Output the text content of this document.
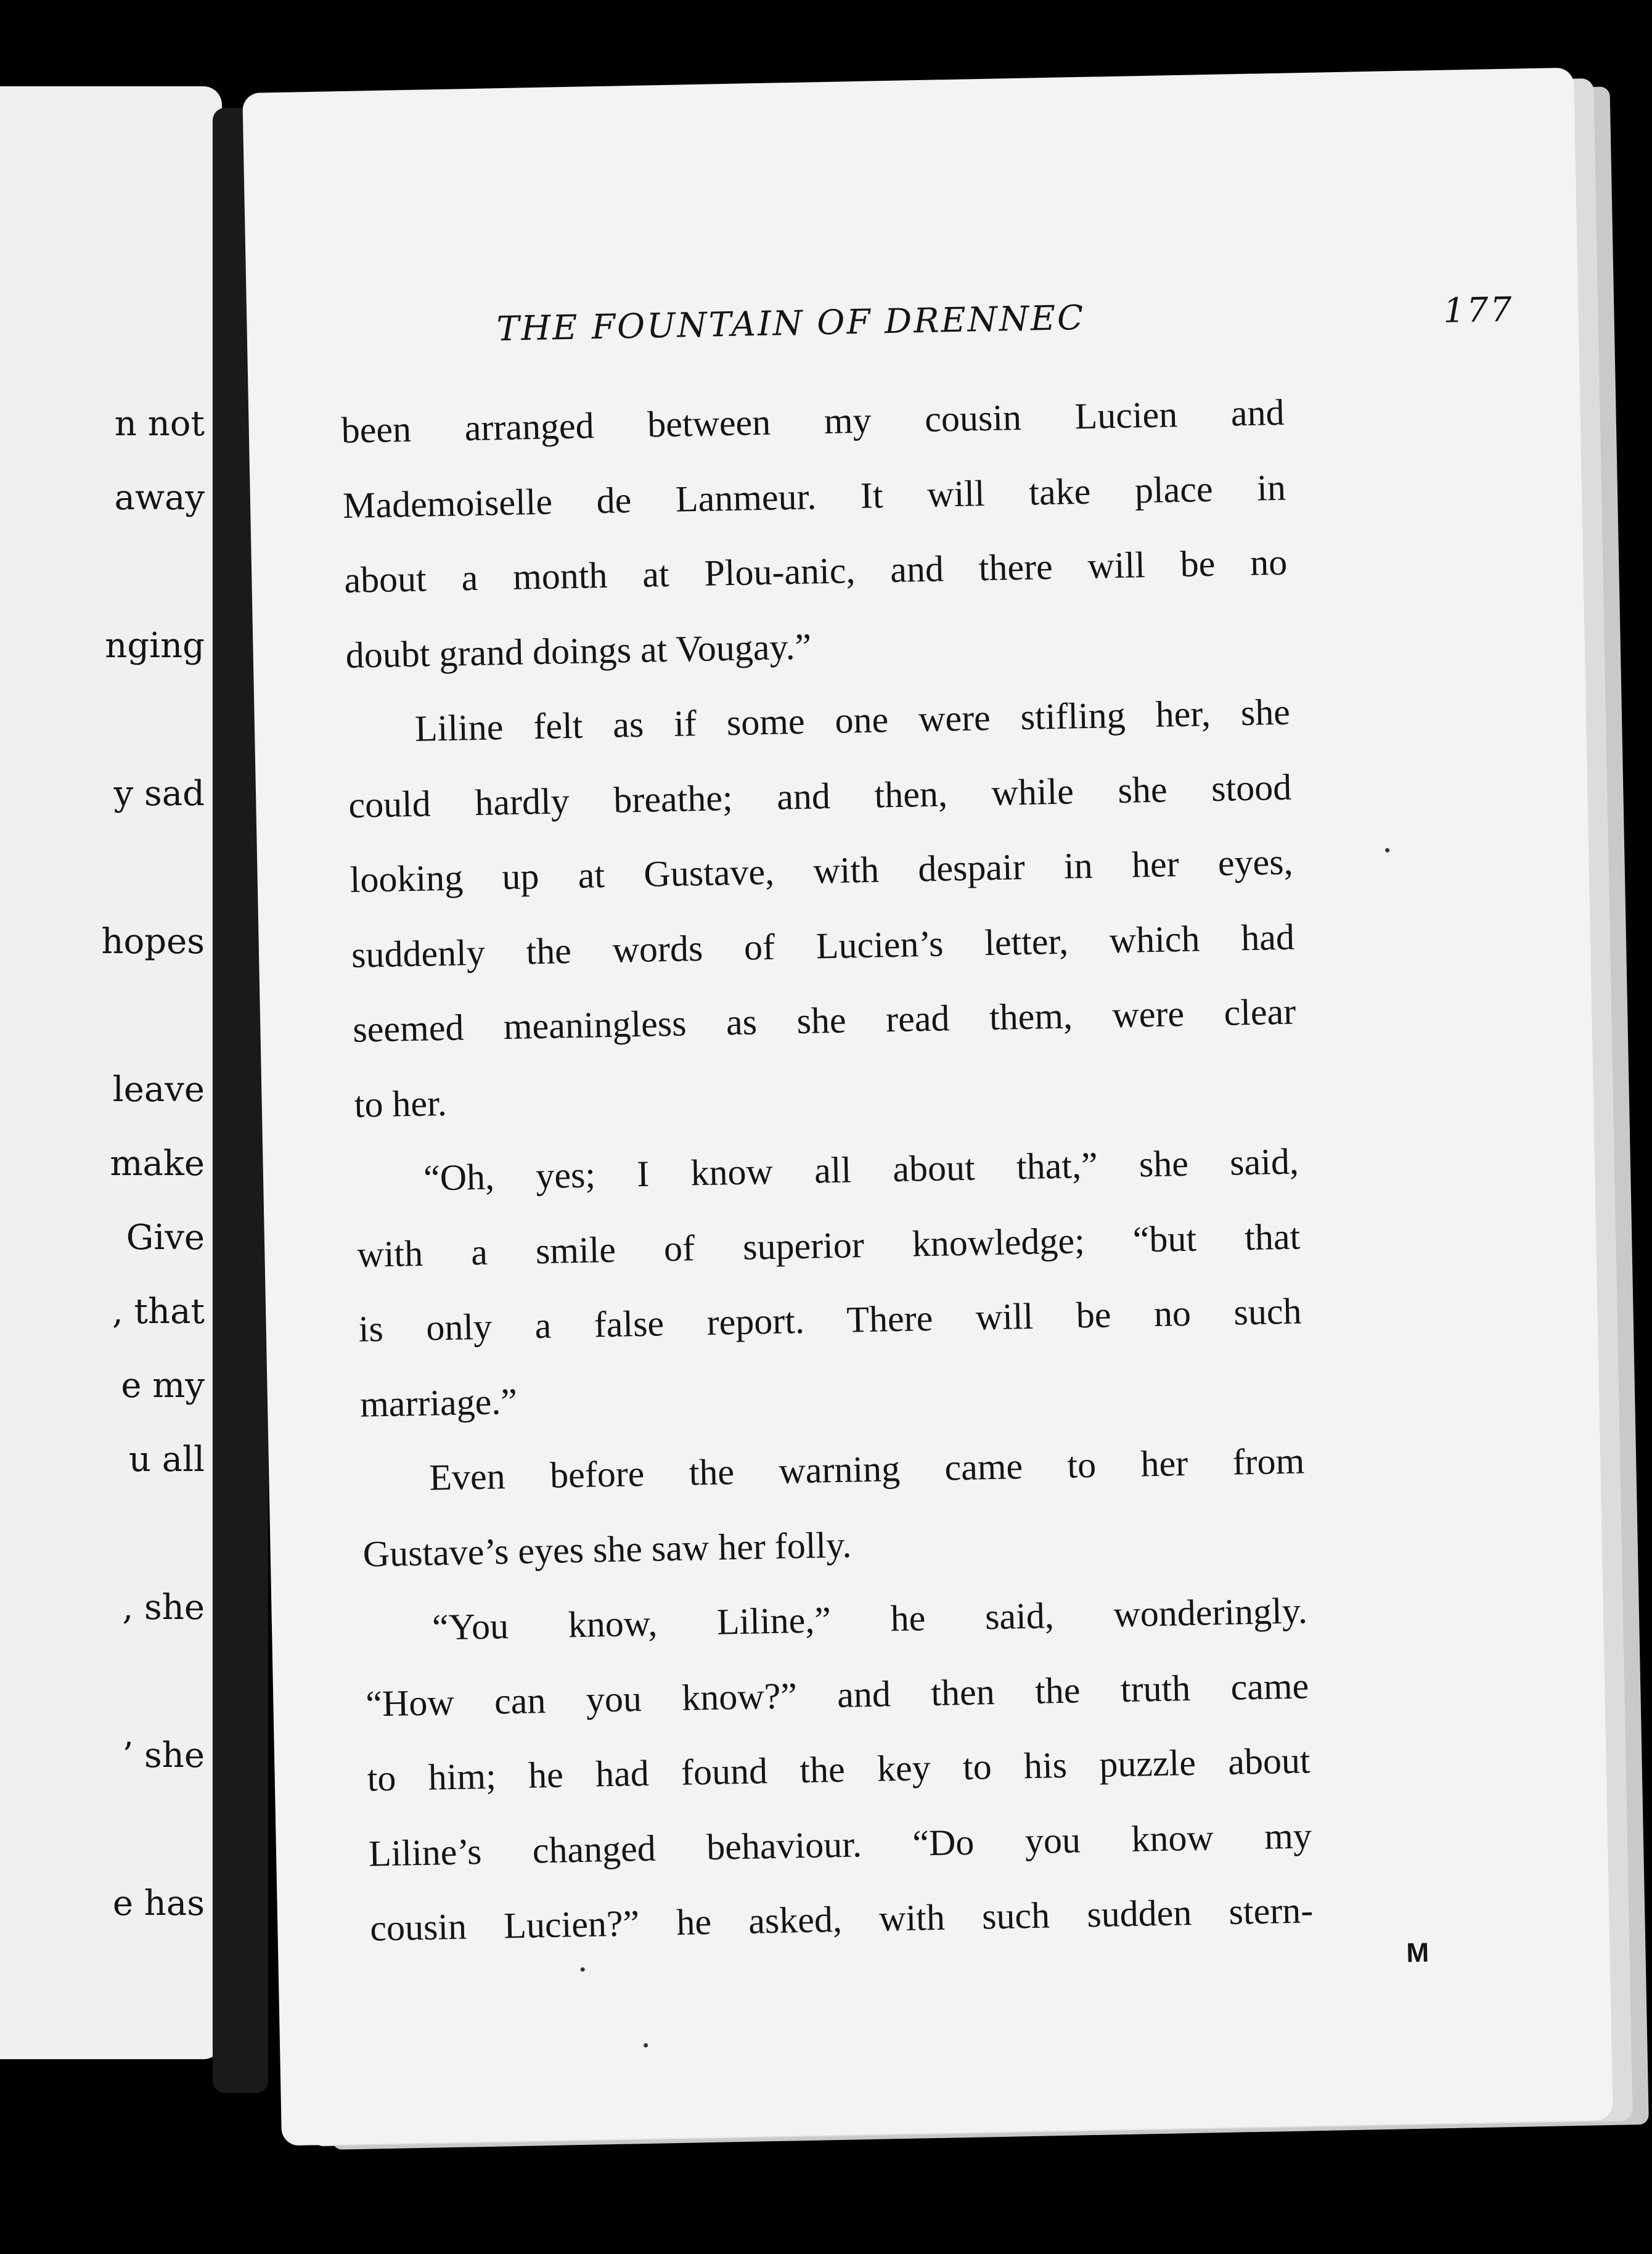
n not
away
nging
y sad
hopes
leave
make
Give
, that
e my
u all
, she
’ she
e has
THE FOUNTAIN OF DRENNEC	177
been arranged between my cousin Lucien and
Mademoiselle de Lanmeur. It will take place in
about a month at Plou-anic, and there will be no
doubt grand doings at Vougay.”
Liline felt as if some one were stifling her, she
could hardly breathe; and then, while she stood
looking up at Gustave, with despair in her eyes,
suddenly the words of Lucien’s letter, which had
seemed meaningless as she read them, were clear
to her.
“Oh, yes; I know all about that,” she said,
with a smile of superior knowledge; “but that
is only a false report. There will be no such
marriage.”
Even before the warning came to her from
Gustave’s eyes she saw her folly.
“You know, Liline,” he said, wonderingly.
“How can you know?” and then the truth came
to him; he had found the key to his puzzle about
Liline’s changed behaviour. “Do you know my
cousin Lucien?” he asked, with such sudden stern-
M
